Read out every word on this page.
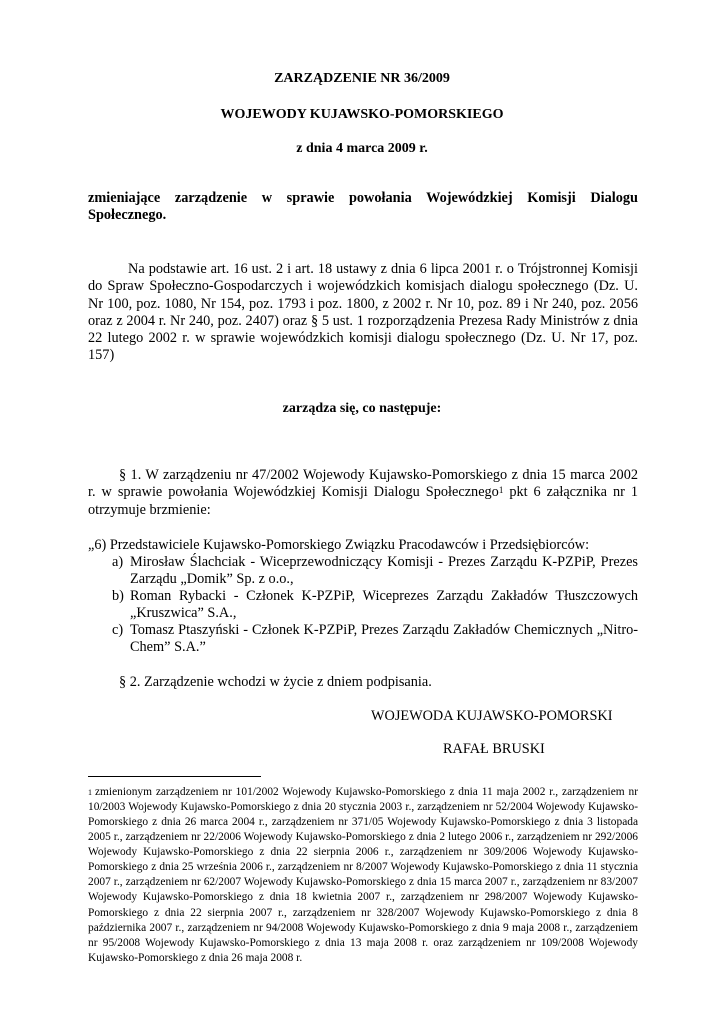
ZARZĄDZENIE NR 36/2009

WOJEWODY KUJAWSKO-POMORSKIEGO

z dnia 4 marca 2009 r.

zmieniające zarządzenie w sprawie powołania Wojewódzkiej Komisji Dialogu Społecznego.
Na podstawie art. 16 ust. 2 i art. 18 ustawy z dnia 6 lipca 2001 r. o Trójstronnej Komisji do Spraw Społeczno-Gospodarczych i wojewódzkich komisjach dialogu społecznego (Dz. U. Nr 100, poz. 1080, Nr 154, poz. 1793 i poz. 1800, z 2002 r. Nr 10, poz. 89 i Nr 240, poz. 2056 oraz z 2004 r. Nr 240, poz. 2407) oraz § 5 ust. 1 rozporządzenia Prezesa Rady Ministrów z dnia 22 lutego 2002 r. w sprawie wojewódzkich komisji dialogu społecznego (Dz. U. Nr 17, poz. 157)

zarządza się, co następuje:

§ 1. W zarządzeniu nr 47/2002 Wojewody Kujawsko-Pomorskiego z dnia 15 marca 2002 r. w sprawie powołania Wojewódzkiej Komisji Dialogu Społecznego$^1$ pkt 6 załącznika nr 1 otrzymuje brzmienie:
„6) Przedstawiciele Kujawsko-Pomorskiego Związku Pracodawców i Przedsiębiorców:
a) Mirosław Ślachciak - Wiceprzewodniczący Komisji - Prezes Zarządu K-PZPiP, Prezes Zarządu „Domik” Sp. z o.o.,
b) Roman Rybacki - Członek K-PZPiP, Wiceprezes Zarządu Zakładów Tłuszczowych „Kruszwica” S.A.,
c) Tomasz Ptaszyński - Członek K-PZPiP, Prezes Zarządu Zakładów Chemicznych „Nitro-Chem” S.A.”
§ 2. Zarządzenie wchodzi w życie z dniem podpisania.
WOJEWODA KUJAWSKO-POMORSKI
RAFAŁ BRUSKI
$^1$ zmienionym zarządzeniem nr 101/2002 Wojewody Kujawsko-Pomorskiego z dnia 11 maja 2002 r., zarządzeniem nr 10/2003 Wojewody Kujawsko-Pomorskiego z dnia 20 stycznia 2003 r., zarządzeniem nr 52/2004 Wojewody Kujawsko-Pomorskiego z dnia 26 marca 2004 r., zarządzeniem nr 371/05 Wojewody Kujawsko-Pomorskiego z dnia 3 listopada 2005 r., zarządzeniem nr 22/2006 Wojewody Kujawsko-Pomorskiego z dnia 2 lutego 2006 r., zarządzeniem nr 292/2006 Wojewody Kujawsko-Pomorskiego z dnia 22 sierpnia 2006 r., zarządzeniem nr 309/2006 Wojewody Kujawsko-Pomorskiego z dnia 25 września 2006 r., zarządzeniem nr 8/2007 Wojewody Kujawsko-Pomorskiego z dnia 11 stycznia 2007 r., zarządzeniem nr 62/2007 Wojewody Kujawsko-Pomorskiego z dnia 15 marca 2007 r., zarządzeniem nr 83/2007 Wojewody Kujawsko-Pomorskiego z dnia 18 kwietnia 2007 r., zarządzeniem nr 298/2007 Wojewody Kujawsko-Pomorskiego z dnia 22 sierpnia 2007 r., zarządzeniem nr 328/2007 Wojewody Kujawsko-Pomorskiego z dnia 8 października 2007 r., zarządzeniem nr 94/2008 Wojewody Kujawsko-Pomorskiego z dnia 9 maja 2008 r., zarządzeniem nr 95/2008 Wojewody Kujawsko-Pomorskiego z dnia 13 maja 2008 r. oraz zarządzeniem nr 109/2008 Wojewody Kujawsko-Pomorskiego z dnia 26 maja 2008 r.
